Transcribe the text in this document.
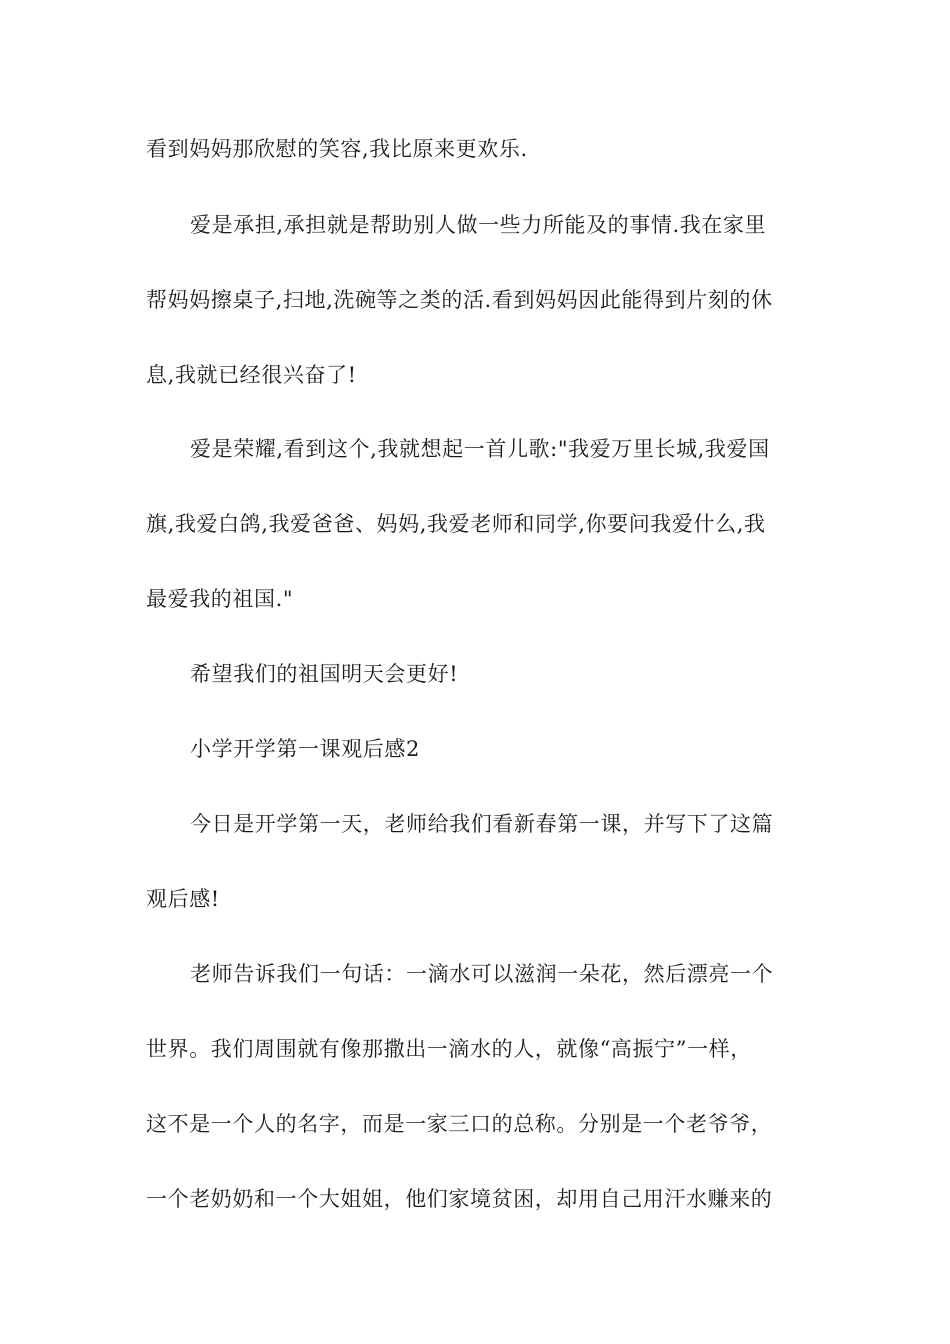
看到妈妈那欣慰的笑容,我比原来更欢乐.
爱是承担,承担就是帮助别人做一些力所能及的事情.我在家里
帮妈妈擦桌子,扫地,洗碗等之类的活.看到妈妈因此能得到片刻的休
息,我就已经很兴奋了!
爱是荣耀,看到这个,我就想起一首儿歌:"我爱万里长城,我爱国
旗,我爱白鸽,我爱爸爸、妈妈,我爱老师和同学,你要问我爱什么,我
最爱我的祖国."
希望我们的祖国明天会更好!
小学开学第一课观后感2
今日是开学第一天，老师给我们看新春第一课，并写下了这篇
观后感!
老师告诉我们一句话：一滴水可以滋润一朵花，然后漂亮一个
世界。我们周围就有像那撒出一滴水的人，就像“高振宁”一样，
这不是一个人的名字，而是一家三口的总称。分别是一个老爷爷，
一个老奶奶和一个大姐姐，他们家境贫困，却用自己用汗水赚来的
